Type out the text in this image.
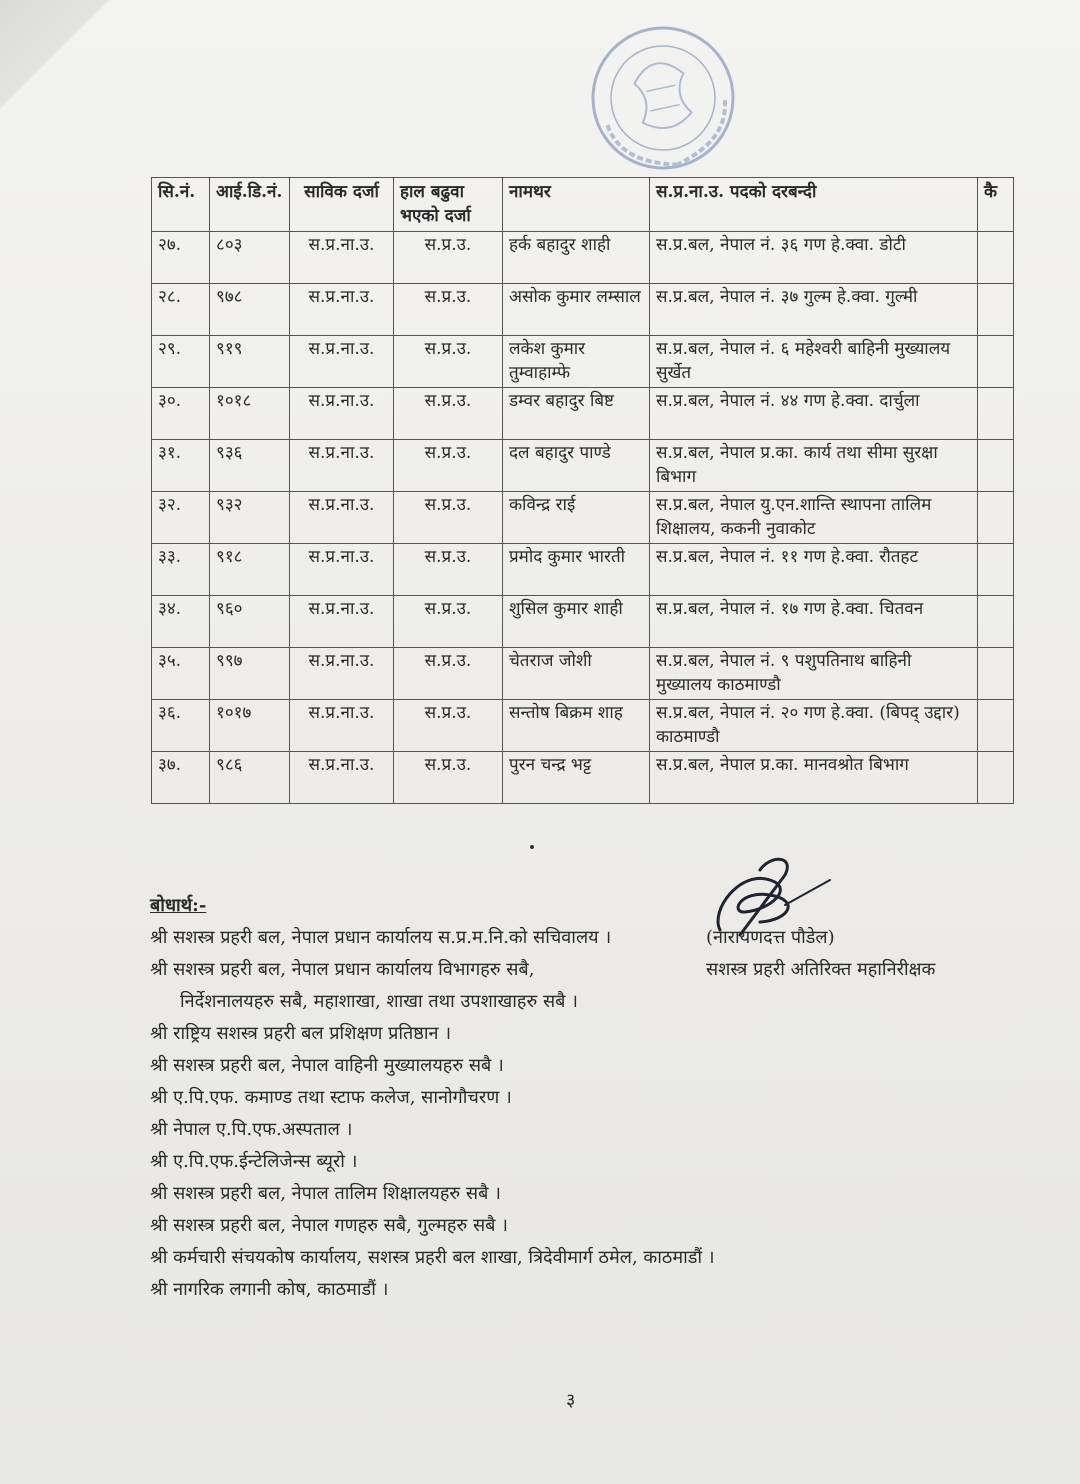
सि.नं.	आई.डि.नं.	साविक दर्जा	हाल बढुवा भएको दर्जा	नामथर	स.प्र.ना.उ. पदको दरबन्दी	कै
२७.	८०३	स.प्र.ना.उ.	स.प्र.उ.	हर्क बहादुर शाही	स.प्र.बल, नेपाल नं. ३६ गण हे.क्वा. डोटी	
२८.	९७८	स.प्र.ना.उ.	स.प्र.उ.	असोक कुमार लम्साल	स.प्र.बल, नेपाल नं. ३७ गुल्म हे.क्वा. गुल्मी	
२९.	९१९	स.प्र.ना.उ.	स.प्र.उ.	लकेश कुमार तुम्वाहाम्फे	स.प्र.बल, नेपाल नं. ६ महेश्वरी बाहिनी मुख्यालय सुर्खेत	
३०.	१०१८	स.प्र.ना.उ.	स.प्र.उ.	डम्वर बहादुर बिष्ट	स.प्र.बल, नेपाल नं. ४४ गण हे.क्वा. दार्चुला	
३१.	९३६	स.प्र.ना.उ.	स.प्र.उ.	दल बहादुर पाण्डे	स.प्र.बल, नेपाल प्र.का. कार्य तथा सीमा सुरक्षा बिभाग	
३२.	९३२	स.प्र.ना.उ.	स.प्र.उ.	कविन्द्र राई	स.प्र.बल, नेपाल यु.एन.शान्ति स्थापना तालिम शिक्षालय, ककनी नुवाकोट	
३३.	९१८	स.प्र.ना.उ.	स.प्र.उ.	प्रमोद कुमार भारती	स.प्र.बल, नेपाल नं. ११ गण हे.क्वा. रौतहट	
३४.	९६०	स.प्र.ना.उ.	स.प्र.उ.	शुसिल कुमार शाही	स.प्र.बल, नेपाल नं. १७ गण हे.क्वा. चितवन	
३५.	९९७	स.प्र.ना.उ.	स.प्र.उ.	चेतराज जोशी	स.प्र.बल, नेपाल नं. ९ पशुपतिनाथ बाहिनी मुख्यालय काठमाण्डौ	
३६.	१०१७	स.प्र.ना.उ.	स.प्र.उ.	सन्तोष बिक्रम शाह	स.प्र.बल, नेपाल नं. २० गण हे.क्वा. (बिपद् उद्दार) काठमाण्डौ	
३७.	९८६	स.प्र.ना.उ.	स.प्र.उ.	पुरन चन्द्र भट्ट	स.प्र.बल, नेपाल प्र.का. मानवश्रोत बिभाग	
बोधार्थ:-
श्री सशस्त्र प्रहरी बल, नेपाल प्रधान कार्यालय स.प्र.म.नि.को सचिवालय ।
श्री सशस्त्र प्रहरी बल, नेपाल प्रधान कार्यालय विभागहरु सबै,
निर्देशनालयहरु सबै, महाशाखा, शाखा तथा उपशाखाहरु सबै ।
श्री राष्ट्रिय सशस्त्र प्रहरी बल प्रशिक्षण प्रतिष्ठान ।
श्री सशस्त्र प्रहरी बल, नेपाल वाहिनी मुख्यालयहरु सबै ।
श्री ए.पि.एफ. कमाण्ड तथा स्टाफ कलेज, सानोगौचरण ।
श्री नेपाल ए.पि.एफ.अस्पताल ।
श्री ए.पि.एफ.ईन्टेलिजेन्स ब्यूरो ।
श्री सशस्त्र प्रहरी बल, नेपाल तालिम शिक्षालयहरु सबै ।
श्री सशस्त्र प्रहरी बल, नेपाल गणहरु सबै, गुल्महरु सबै ।
श्री कर्मचारी संचयकोष कार्यालय, सशस्त्र प्रहरी बल शाखा, त्रिदेवीमार्ग ठमेल, काठमाडौं ।
श्री नागरिक लगानी कोष, काठमाडौं ।
(नारायणदत्त पौडेल)
सशस्त्र प्रहरी अतिरिक्त महानिरीक्षक
३
